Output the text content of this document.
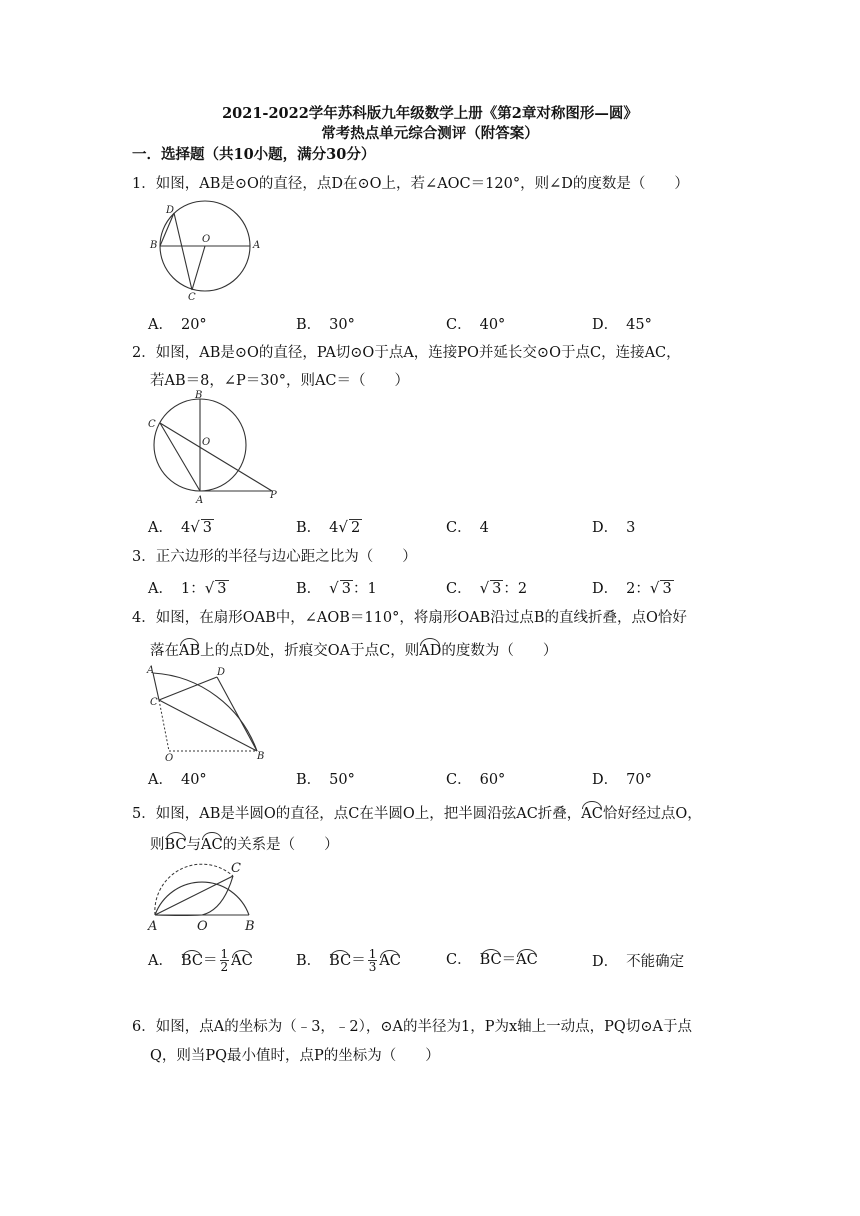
2021-2022学年苏科版九年级数学上册《第2章对称图形—圆》
常考热点单元综合测评（附答案）
一．选择题（共10小题，满分30分）
1．如图，AB是⊙O的直径，点D在⊙O上，若∠AOC＝120°，则∠D的度数是（　　）
D
B
O
A
C
A． 20°	B． 30°	C． 40°	D． 45°
2．如图，AB是⊙O的直径，PA切⊙O于点A，连接PO并延长交⊙O于点C，连接AC，
若AB＝8，∠P＝30°，则AC＝（　　）
B
C
O
A	P
A． 4√ 3	B． 4√ 2	C． 4	D． 3
3．正六边形的半径与边心距之比为（　　）
A． 1：√ 3	B． √ 3 ：1	C． √ 3 ：2	D． 2：√ 3
4．如图，在扇形OAB中，∠AOB＝110°，将扇形OAB沿过点B的直线折叠，点O恰好
落在AB上的点D处，折痕交OA于点C，则AD的度数为（　　）
A	D
C
O	B
A． 40°	B． 50°	C． 60°	D． 70°
5．如图，AB是半圆O的直径，点C在半圆O上，把半圆沿弦AC折叠，AC恰好经过点O，
则BC与AC的关系是（　　）
C
A	O	B
A． $BC= \frac{1}{2}$ AC	B． $BC= \frac{1}{3}$ AC	C． BC＝AC	D． 不能确定
6．如图，点A的坐标为（﹣3，﹣2），⊙A的半径为1，P为x轴上一动点，PQ切⊙A于点
Q，则当PQ最小值时，点P的坐标为（　　）
